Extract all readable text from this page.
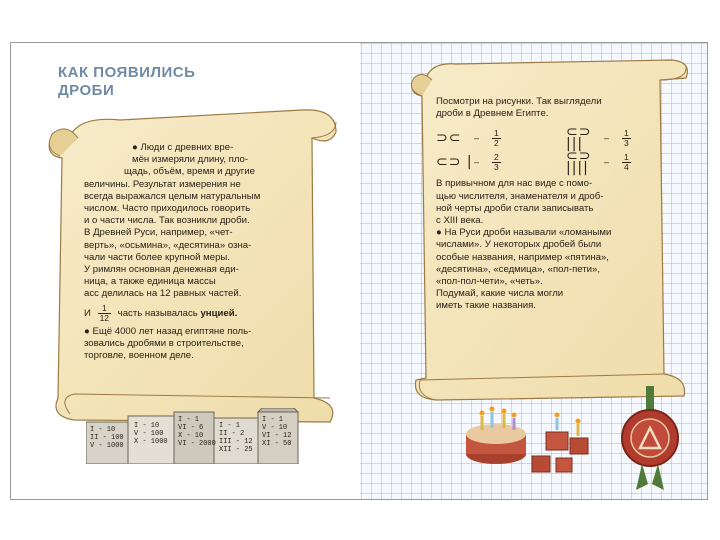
КАК ПОЯВИЛИСЬ
ДРОБИ

● Люди с древних вре-

мён измеряли длину, пло-

щадь, объём, время и другие

величины. Результат измерения не

всегда выражался целым натуральным

числом. Часто приходилось говорить

и о части числа. Так возникли дроби.

В Древней Руси, например, «чет-

верть», «осьмина», «десятина» озна-

чали части более крупной меры.

У римлян основная денежная еди-

ница, а также единица массы

асс делилась на 12 равных частей.

И $\frac{1}{12}$ часть называлась унцией.

● Ещё 4000 лет назад египтяне поль-

зовались дробями в строительстве,

торговле, военном деле.

I - 10
II - 100
V - 1000
I - 10
V - 100
X - 1000
I - 1
VI - 6
X - 10
VI - 2000
I - 1
II - 2
III - 12
XII - 25
I - 1
V - 10
VI - 12
XI - 50

Посмотри на рисунки. Так выглядели

дроби в Древнем Египте.

⊃⊂	–	$\frac{1}{2}$	⊂⊃ |||	–	$\frac{1}{3}$
⊂⊃ | –	$\frac{2}{3}$	⊂⊃ ||||	–	$\frac{1}{4}$

В привычном для нас виде с помо-

щью числителя, знаменателя и дроб-

ной черты дроби стали записывать

с XIII века.

● На Руси дроби называли «ломаными

числами». У некоторых дробей были

особые названия, например «пятина»,

«десятина», «седмица», «пол-пети»,

«пол-пол-чети», «четь».

Подумай, какие числа могли

иметь такие названия.
